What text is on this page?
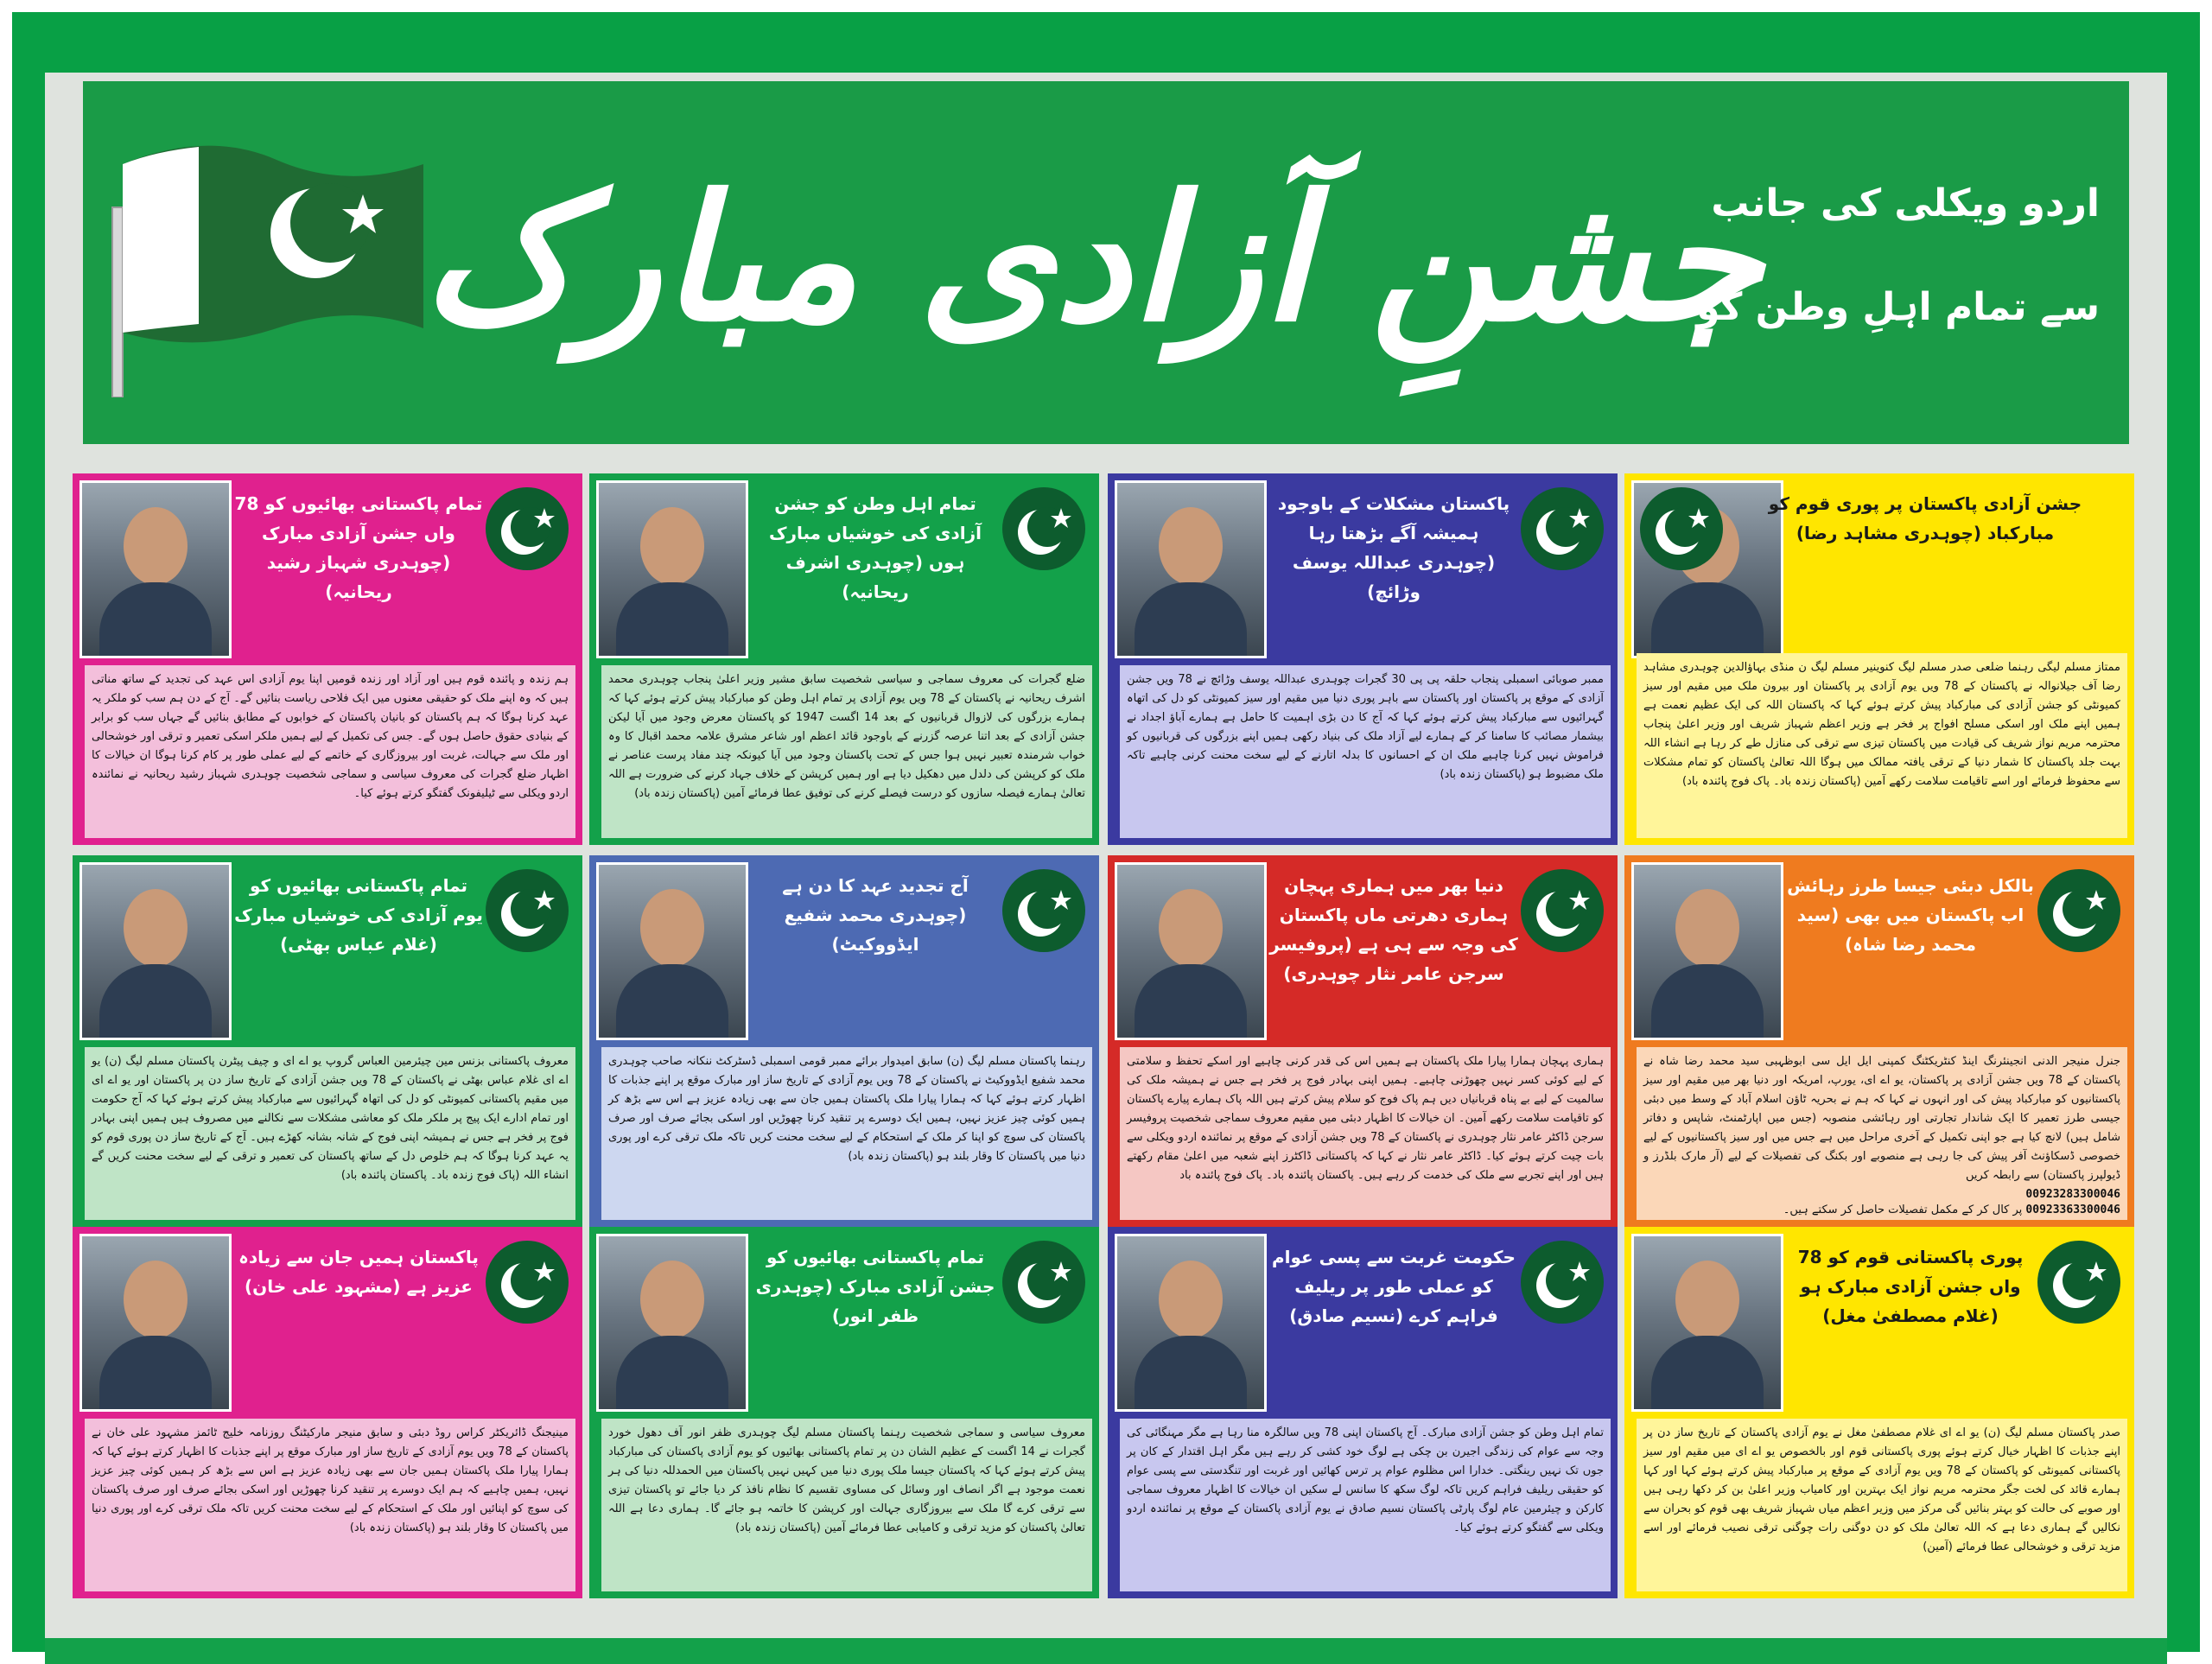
جشنِ آزادی مبارک
اردو ویکلی کی جانب
سے تمام اہلِ وطن کو
جشن آزادی پاکستان پر پوری قوم کو مبارکباد (چوہدری مشاہد رضا)
ممتاز مسلم لیگی رہنما ضلعی صدر مسلم لیگ کنوینیر مسلم لیگ ن منڈی بہاؤالدین چوہدری مشاہد رضا آف جیلانوالہ نے پاکستان کے 78 ویں یوم آزادی پر پاکستان اور بیرون ملک میں مقیم اور سیز کمیونٹی کو جشن آزادی کی مبارکباد پیش کرتے ہوئے کہا کہ پاکستان اللہ کی ایک عظیم نعمت ہے ہمیں اپنے ملک اور اسکی مسلح افواج پر فخر ہے وزیر اعظم شہباز شریف اور وزیر اعلیٰ پنجاب محترمہ مریم نواز شریف کی قیادت میں پاکستان تیزی سے ترقی کی منازل طے کر رہا ہے انشاء اللہ بہت جلد پاکستان کا شمار دنیا کے ترقی یافتہ ممالک میں ہوگا اللہ تعالیٰ پاکستان کو تمام مشکلات سے محفوظ فرمائے اور اسے تاقیامت سلامت رکھے آمین (پاکستان زندہ باد۔ پاک فوج پائندہ باد)
پاکستان مشکلات کے باوجود ہمیشہ آگے بڑھتا رہا (چوہدری عبداللہ یوسف وڑائچ)
ممبر صوبائی اسمبلی پنجاب حلقہ پی پی 30 گجرات چوہدری عبداللہ یوسف وڑائچ نے 78 ویں جشن آزادی کے موقع پر پاکستان اور پاکستان سے باہر پوری دنیا میں مقیم اور سیز کمیونٹی کو دل کی اتھاہ گہرائیوں سے مبارکباد پیش کرتے ہوئے کہا کہ آج کا دن بڑی اہمیت کا حامل ہے ہمارے آباؤ اجداد نے بیشمار مصائب کا سامنا کر کے ہمارے لیے آزاد ملک کی بنیاد رکھی ہمیں اپنے بزرگوں کی قربانیوں کو فراموش نہیں کرنا چاہیے ملک ان کے احسانوں کا بدلہ اتارنے کے لیے سخت محنت کرنی چاہیے تاکہ ملک مضبوط ہو (پاکستان زندہ باد)
تمام اہل وطن کو جشن آزادی کی خوشیاں مبارک ہوں (چوہدری اشرف ریحانیہ)
ضلع گجرات کی معروف سماجی و سیاسی شخصیت سابق مشیر وزیر اعلیٰ پنجاب چوہدری محمد اشرف ریحانیہ نے پاکستان کے 78 ویں یوم آزادی پر تمام اہل وطن کو مبارکباد پیش کرتے ہوئے کہا کہ ہمارے بزرگوں کی لازوال قربانیوں کے بعد 14 اگست 1947 کو پاکستان معرض وجود میں آیا لیکن جشن آزادی کے بعد اتنا عرصہ گزرنے کے باوجود قائد اعظم اور شاعر مشرق علامہ محمد اقبال کا وہ خواب شرمندہ تعبیر نہیں ہوا جس کے تحت پاکستان وجود میں آیا کیونکہ چند مفاد پرست عناصر نے ملک کو کرپشن کی دلدل میں دھکیل دیا ہے اور ہمیں کرپشن کے خلاف جہاد کرنے کی ضرورت ہے اللہ تعالیٰ ہمارے فیصلہ سازوں کو درست فیصلے کرنے کی توفیق عطا فرمائے آمین (پاکستان زندہ باد)
تمام پاکستانی بھائیوں کو 78 واں جشن آزادی مبارک (چوہدری شہباز رشید ریحانیہ)
ہم زندہ و پائندہ قوم ہیں اور آزاد اور زندہ قومیں اپنا یوم آزادی اس عہد کی تجدید کے ساتھ مناتی ہیں کہ وہ اپنے ملک کو حقیقی معنوں میں ایک فلاحی ریاست بنائیں گے۔ آج کے دن ہم سب کو ملکر یہ عہد کرنا ہوگا کہ ہم پاکستان کو بانیان پاکستان کے خوابوں کے مطابق بنائیں گے جہاں سب کو برابر کے بنیادی حقوق حاصل ہوں گے۔ جس کی تکمیل کے لیے ہمیں ملکر اسکی تعمیر و ترقی اور خوشحالی اور ملک سے جہالت، غربت اور بیروزگاری کے خاتمے کے لیے عملی طور پر کام کرنا ہوگا ان خیالات کا اظہار ضلع گجرات کی معروف سیاسی و سماجی شخصیت چوہدری شہباز رشید ریحانیہ نے نمائندہ اردو ویکلی سے ٹیلیفونک گفتگو کرتے ہوئے کیا۔
بالکل دبئی جیسا طرز رہائش اب پاکستان میں بھی (سید محمد رضا شاہ)
جنرل منیجر الدنی انجینئرنگ اینڈ کنٹریکٹنگ کمپنی ایل ایل سی ابوظہبی سید محمد رضا شاہ نے پاکستان کے 78 ویں جشن آزادی پر پاکستان، یو اے ای، یورپ، امریکہ اور دنیا بھر میں مقیم اور سیز پاکستانیوں کو مبارکباد پیش کی اور انہوں نے کہا کہ ہم نے بحریہ ٹاؤن اسلام آباد کے وسط میں دبئی جیسی طرز تعمیر کا ایک شاندار تجارتی اور رہائشی منصوبہ (جس میں اپارٹمنٹ، شاپس و دفاتر شامل ہیں) لانچ کیا ہے جو اپنی تکمیل کے آخری مراحل میں ہے جس میں اور سیز پاکستانیوں کے لیے خصوصی ڈسکاؤنٹ آفر پیش کی جا رہی ہے منصوبے اور بکنگ کی تفصیلات کے لیے (آر مارک بلڈرز و ڈیولپرز پاکستان) سے رابطہ کریں
00923283300046
00923363300046 پر کال کر کے مکمل تفصیلات حاصل کر سکتے ہیں۔
دنیا بھر میں ہماری پہچان ہماری دھرتی ماں پاکستان کی وجہ سے ہی ہے (پروفیسر سرجن عامر نثار چوہدری)
ہماری پہچان ہمارا پیارا ملک پاکستان ہے ہمیں اس کی قدر کرنی چاہیے اور اسکے تحفظ و سلامتی کے لیے کوئی کسر نہیں چھوڑنی چاہیے۔ ہمیں اپنی بہادر فوج پر فخر ہے جس نے ہمیشہ ملک کی سالمیت کے لیے بے پناہ قربانیاں دیں ہم پاک فوج کو سلام پیش کرتے ہیں اللہ پاک ہمارے پیارے پاکستان کو تاقیامت سلامت رکھے آمین۔ ان خیالات کا اظہار دبئی میں مقیم معروف سماجی شخصیت پروفیسر سرجن ڈاکٹر عامر نثار چوہدری نے پاکستان کے 78 ویں جشن آزادی کے موقع پر نمائندہ اردو ویکلی سے بات چیت کرتے ہوئے کیا۔ ڈاکٹر عامر نثار نے کہا کہ پاکستانی ڈاکٹرز اپنے شعبہ میں اعلیٰ مقام رکھتے ہیں اور اپنے تجربے سے ملک کی خدمت کر رہے ہیں۔ پاکستان پائندہ باد۔ پاک فوج پائندہ باد
آج تجدید عہد کا دن ہے (چوہدری محمد شفیع ایڈووکیٹ)
رہنما پاکستان مسلم لیگ (ن) سابق امیدوار برائے ممبر قومی اسمبلی ڈسٹرکٹ ننکانہ صاحب چوہدری محمد شفیع ایڈووکیٹ نے پاکستان کے 78 ویں یوم آزادی کے تاریخ ساز اور مبارک موقع پر اپنے جذبات کا اظہار کرتے ہوئے کہا کہ ہمارا پیارا ملک پاکستان ہمیں جان سے بھی زیادہ عزیز ہے اس سے بڑھ کر ہمیں کوئی چیز عزیز نہیں، ہمیں ایک دوسرے پر تنقید کرنا چھوڑیں اور اسکی بجائے صرف اور صرف پاکستان کی سوچ کو اپنا کر ملک کے استحکام کے لیے سخت محنت کریں تاکہ ملک ترقی کرے اور پوری دنیا میں پاکستان کا وقار بلند ہو (پاکستان زندہ باد)
تمام پاکستانی بھائیوں کو یوم آزادی کی خوشیاں مبارک (غلام عباس بھٹی)
معروف پاکستانی بزنس مین چیئرمین العباس گروپ یو اے ای و چیف پیٹرن پاکستان مسلم لیگ (ن) یو اے ای غلام عباس بھٹی نے پاکستان کے 78 ویں جشن آزادی کے تاریخ ساز دن پر پاکستان اور یو اے ای میں مقیم پاکستانی کمیونٹی کو دل کی اتھاہ گہرائیوں سے مبارکباد پیش کرتے ہوئے کہا کہ آج حکومت اور تمام ادارے ایک پیج پر ملکر ملک کو معاشی مشکلات سے نکالنے میں مصروف ہیں ہمیں اپنی بہادر فوج پر فخر ہے جس نے ہمیشہ اپنی فوج کے شانہ بشانہ کھڑے ہیں۔ آج کے تاریخ ساز دن پوری قوم کو یہ عہد کرنا ہوگا کہ ہم خلوص دل کے ساتھ پاکستان کی تعمیر و ترقی کے لیے سخت محنت کریں گے انشاء اللہ (پاک فوج زندہ باد۔ پاکستان پائندہ باد)
پوری پاکستانی قوم کو 78 واں جشن آزادی مبارک ہو (غلام مصطفیٰ مغل)
صدر پاکستان مسلم لیگ (ن) یو اے ای غلام مصطفیٰ مغل نے یوم آزادی پاکستان کے تاریخ ساز دن پر اپنے جذبات کا اظہار خیال کرتے ہوئے پوری پاکستانی قوم اور بالخصوص یو اے ای میں مقیم اور سیز پاکستانی کمیونٹی کو پاکستان کے 78 ویں یوم آزادی کے موقع پر مبارکباد پیش کرتے ہوئے کہا اور کہا ہمارے قائد کی لخت جگر محترمہ مریم نواز ایک بہترین اور کامیاب وزیر اعلیٰ بن کر دکھا رہی ہیں اور صوبے کی حالت کو بہتر بنائیں گی مرکز میں وزیر اعظم میاں شہباز شریف بھی قوم کو بحران سے نکالیں گے ہماری دعا ہے کہ اللہ تعالیٰ ملک کو دن دوگنی رات چوگنی ترقی نصیب فرمائے اور اسے مزید ترقی و خوشحالی عطا فرمائے (آمین)
حکومت غربت سے پسی عوام کو عملی طور پر ریلیف فراہم کرے (نسیم صادق)
تمام اہل وطن کو جشن آزادی مبارک۔ آج پاکستان اپنی 78 ویں سالگرہ منا رہا ہے مگر مہنگائی کی وجہ سے عوام کی زندگی اجیرن بن چکی ہے لوگ خود کشی کر رہے ہیں مگر اہل اقتدار کے کان پر جوں تک نہیں رینگتی۔ خدارا اس مظلوم عوام پر ترس کھائیں اور غربت اور تنگدستی سے پسی عوام کو حقیقی ریلیف فراہم کریں تاکہ لوگ سکھ کا سانس لے سکیں ان خیالات کا اظہار معروف سماجی کارکن و چیئرمین عام لوگ پارٹی پاکستان نسیم صادق نے یوم آزادی پاکستان کے موقع پر نمائندہ اردو ویکلی سے گفتگو کرتے ہوئے کیا۔
تمام پاکستانی بھائیوں کو جشن آزادی مبارک (چوہدری ظفر انور)
معروف سیاسی و سماجی شخصیت رہنما پاکستان مسلم لیگ چوہدری ظفر انور آف دھول خورد گجرات نے 14 اگست کے عظیم الشان دن پر تمام پاکستانی بھائیوں کو یوم آزادی پاکستان کی مبارکباد پیش کرتے ہوئے کہا کہ پاکستان جیسا ملک پوری دنیا میں کہیں نہیں پاکستان میں الحمدللہ دنیا کی ہر نعمت موجود ہے اگر انصاف اور وسائل کی مساوی تقسیم کا نظام نافذ کر دیا جائے تو پاکستان تیزی سے ترقی کرے گا ملک سے بیروزگاری جہالت اور کرپشن کا خاتمہ ہو جائے گا۔ ہماری دعا ہے اللہ تعالیٰ پاکستان کو مزید ترقی و کامیابی عطا فرمائے آمین (پاکستان زندہ باد)
پاکستان ہمیں جان سے زیادہ عزیز ہے (مشہود علی خان)
مینیجنگ ڈائریکٹر کراس روڈ دبئی و سابق منیجر مارکیٹنگ روزنامہ خلیج ٹائمز مشہود علی خان نے پاکستان کے 78 ویں یوم آزادی کے تاریخ ساز اور مبارک موقع پر اپنے جذبات کا اظہار کرتے ہوئے کہا کہ ہمارا پیارا ملک پاکستان ہمیں جان سے بھی زیادہ عزیز ہے اس سے بڑھ کر ہمیں کوئی چیز عزیز نہیں، ہمیں چاہیے کہ ہم ایک دوسرے پر تنقید کرنا چھوڑیں اور اسکی بجائے صرف اور صرف پاکستان کی سوچ کو اپنائیں اور ملک کے استحکام کے لیے سخت محنت کریں تاکہ ملک ترقی کرے اور پوری دنیا میں پاکستان کا وقار بلند ہو (پاکستان زندہ باد)
